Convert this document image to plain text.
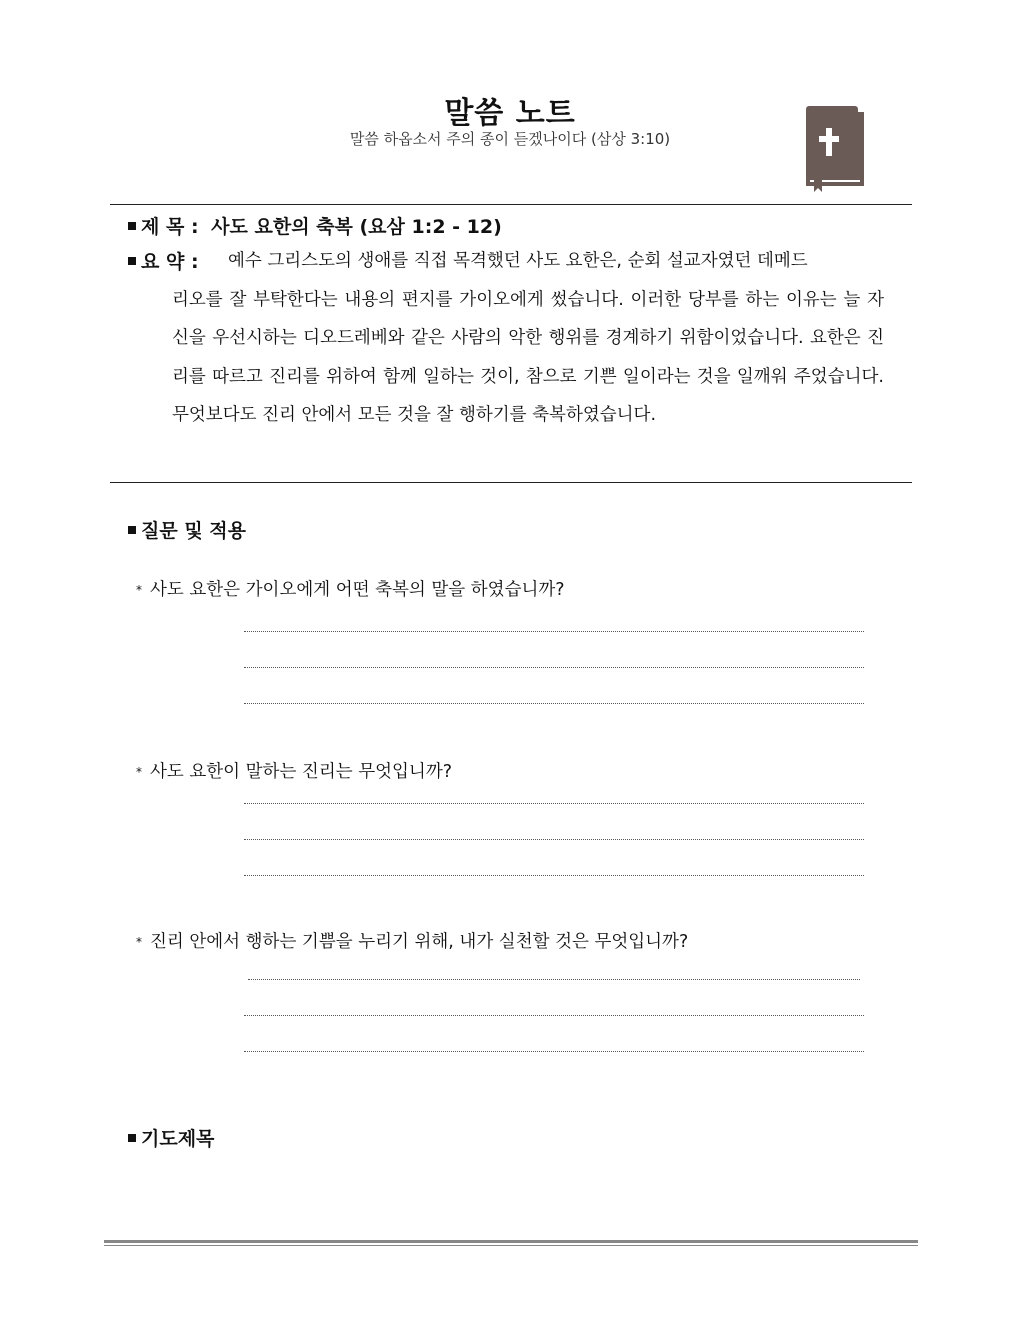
말씀 노트
말씀 하옵소서 주의 종이 듣겠나이다 (삼상 3:10)
제 목 : 사도 요한의 축복 (요삼 1:2 - 12)
요 약 :	예수 그리스도의 생애를 직접 목격했던 사도 요한은, 순회 설교자였던 데메드
리오를 잘 부탁한다는 내용의 편지를 가이오에게 썼습니다. 이러한 당부를 하는 이유는 늘 자신을 우선시하는 디오드레베와 같은 사람의 악한 행위를 경계하기 위함이었습니다. 요한은 진리를 따르고 진리를 위하여 함께 일하는 것이, 참으로 기쁜 일이라는 것을 일깨워 주었습니다. 무엇보다도 진리 안에서 모든 것을 잘 행하기를 축복하였습니다.
질문 및 적용
* 사도 요한은 가이오에게 어떤 축복의 말을 하였습니까?
* 사도 요한이 말하는 진리는 무엇입니까?
* 진리 안에서 행하는 기쁨을 누리기 위해, 내가 실천할 것은 무엇입니까?
기도제목
